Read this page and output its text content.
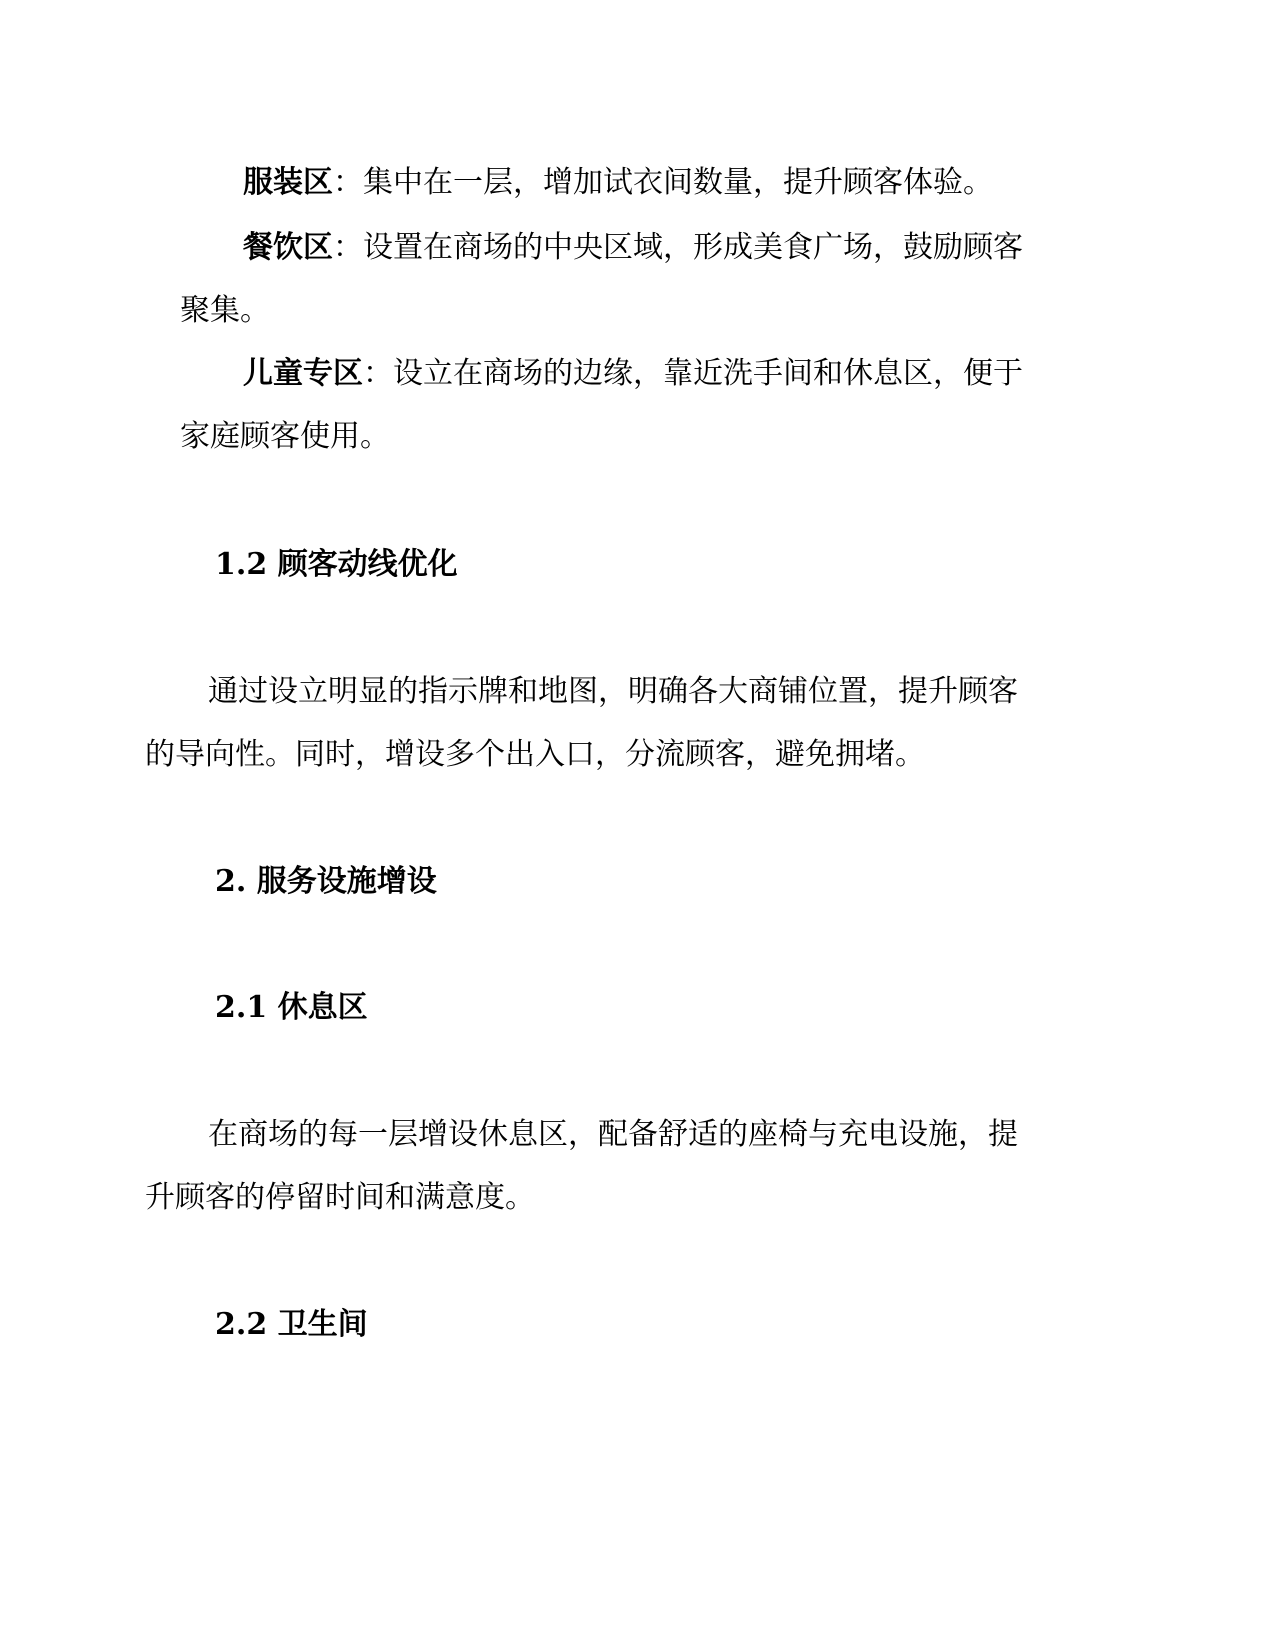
服装区：集中在一层，增加试衣间数量，提升顾客体验。
餐饮区：设置在商场的中央区域，形成美食广场，鼓励顾客
聚集。
儿童专区：设立在商场的边缘，靠近洗手间和休息区，便于
家庭顾客使用。
1.2 顾客动线优化
通过设立明显的指示牌和地图，明确各大商铺位置，提升顾客
的导向性。同时，增设多个出入口，分流顾客，避免拥堵。
2. 服务设施增设
2.1 休息区
在商场的每一层增设休息区，配备舒适的座椅与充电设施，提
升顾客的停留时间和满意度。
2.2 卫生间
